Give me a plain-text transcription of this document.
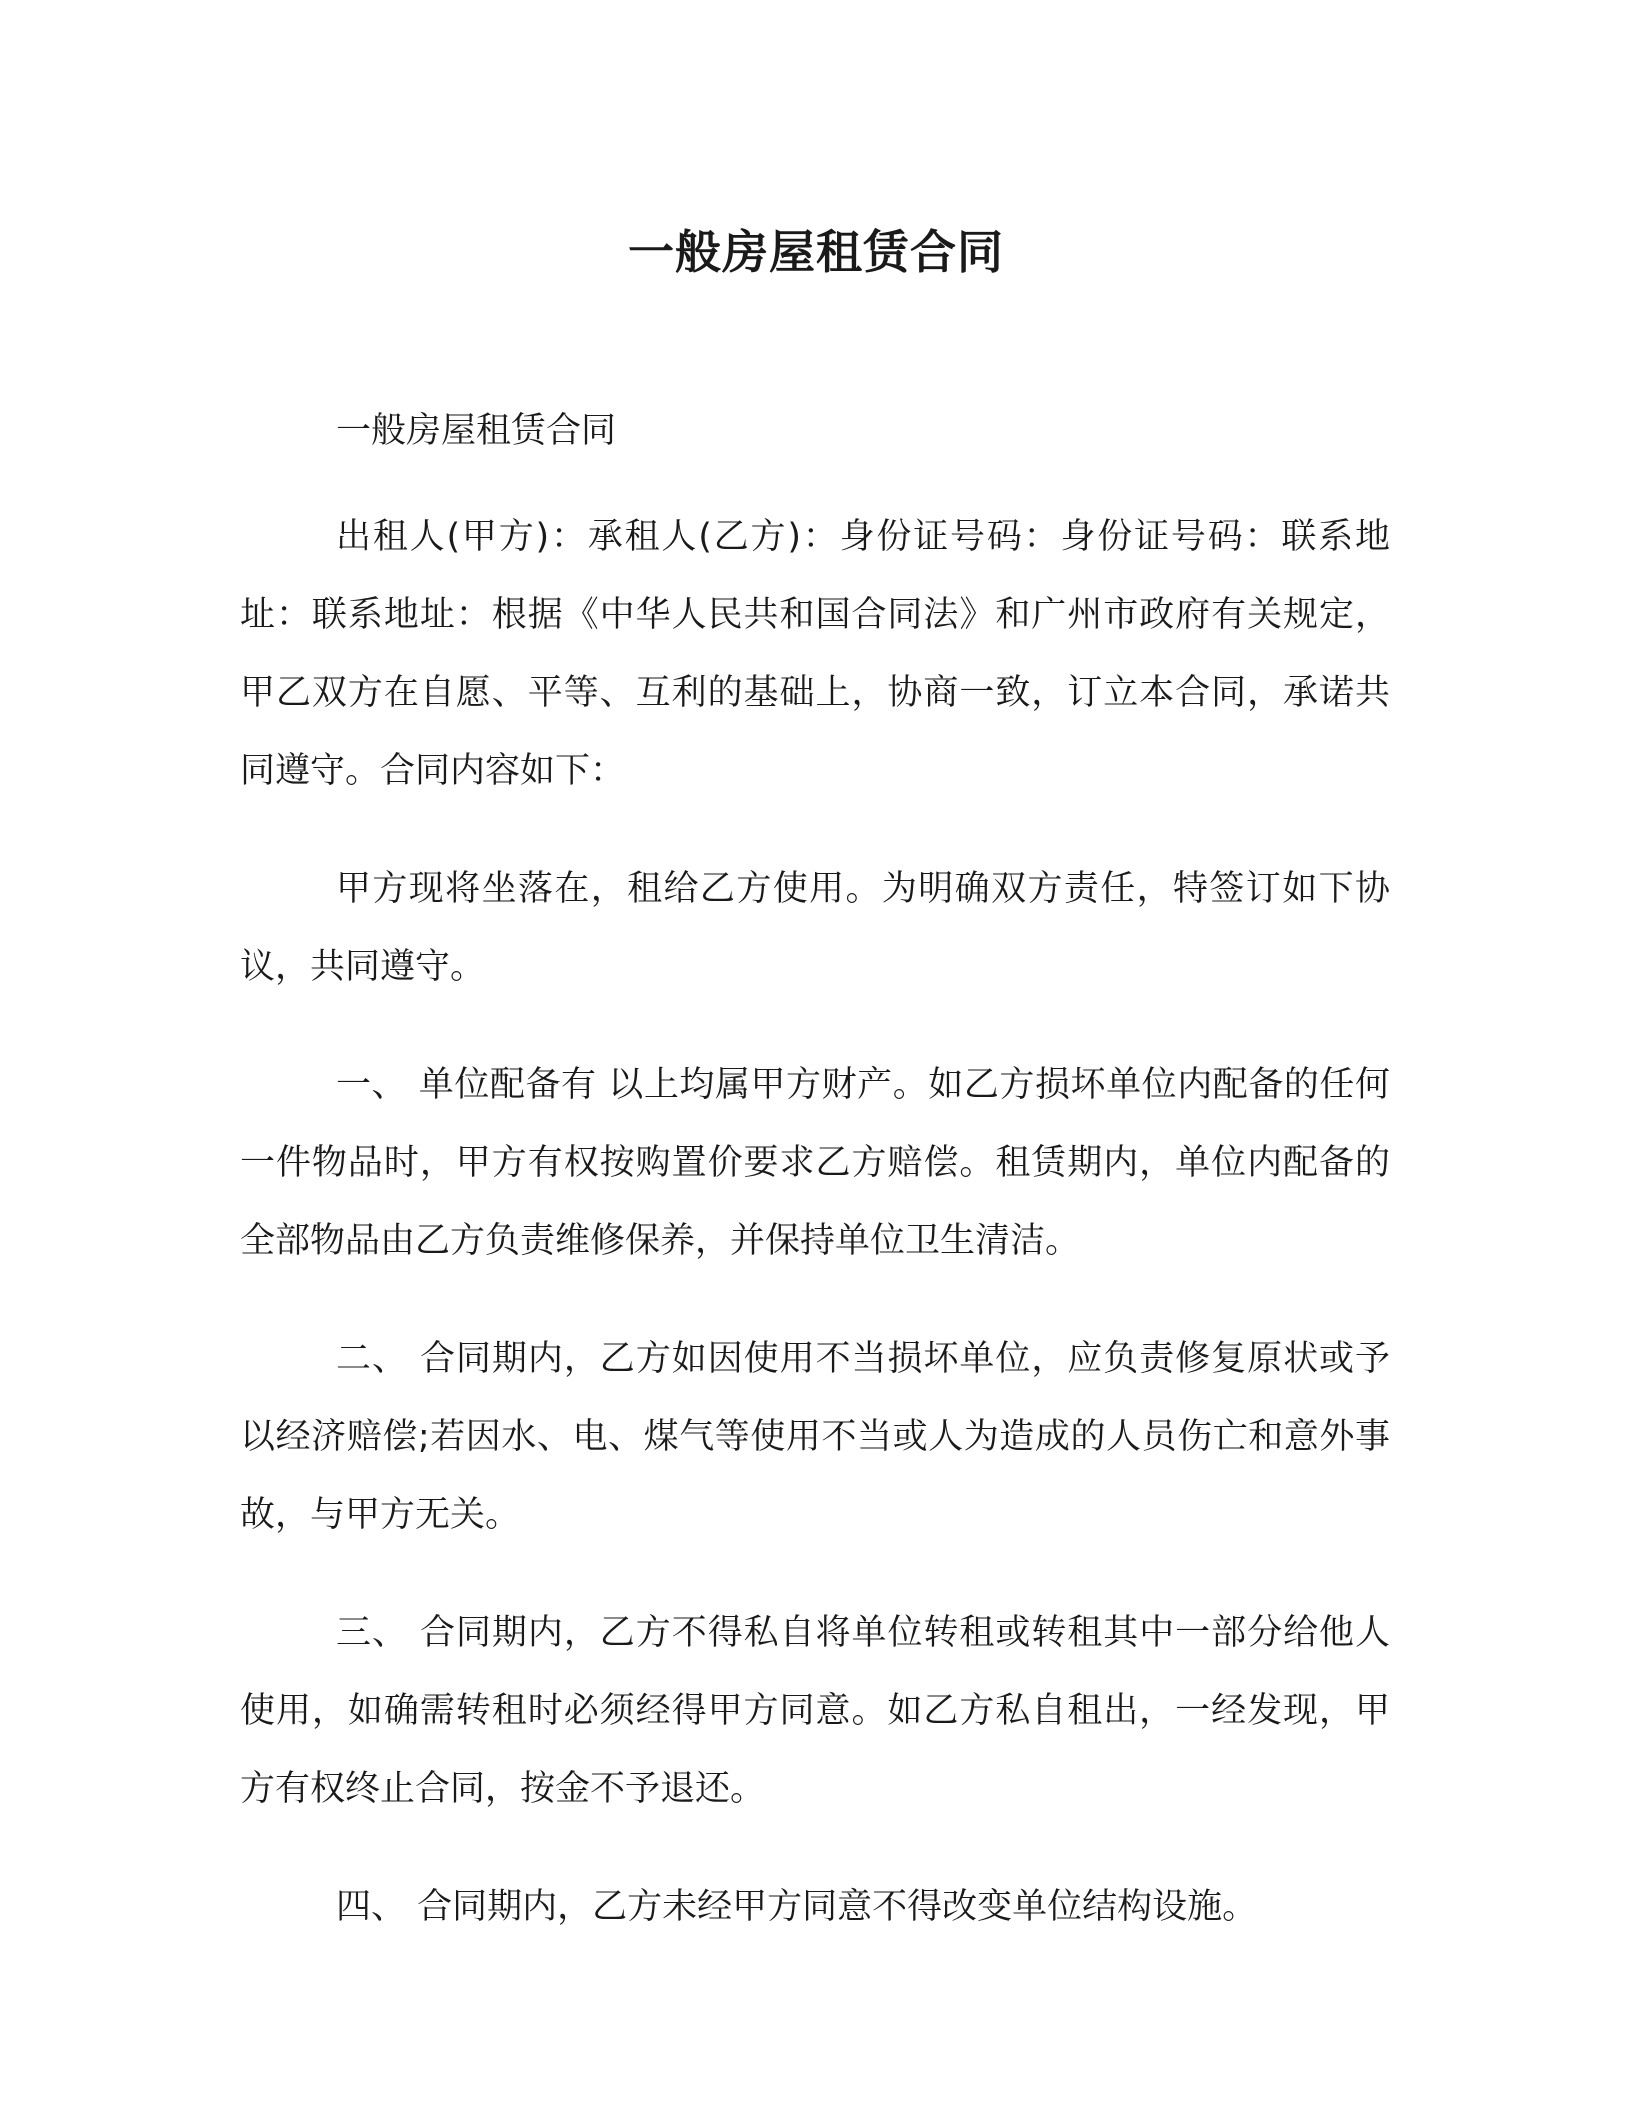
一般房屋租赁合同

一般房屋租赁合同

出租人(甲方)：承租人(乙方)：身份证号码：身份证号码：联系地址：联系地址：根据《中华人民共和国合同法》和广州市政府有关规定，甲乙双方在自愿、平等、互利的基础上，协商一致，订立本合同，承诺共同遵守。合同内容如下：

甲方现将坐落在，租给乙方使用。为明确双方责任，特签订如下协议，共同遵守。

一、 单位配备有 以上均属甲方财产。如乙方损坏单位内配备的任何一件物品时，甲方有权按购置价要求乙方赔偿。租赁期内，单位内配备的全部物品由乙方负责维修保养，并保持单位卫生清洁。

二、 合同期内，乙方如因使用不当损坏单位，应负责修复原状或予以经济赔偿;若因水、电、煤气等使用不当或人为造成的人员伤亡和意外事故，与甲方无关。

三、 合同期内，乙方不得私自将单位转租或转租其中一部分给他人使用，如确需转租时必须经得甲方同意。如乙方私自租出，一经发现，甲方有权终止合同，按金不予退还。

四、 合同期内，乙方未经甲方同意不得改变单位结构设施。
